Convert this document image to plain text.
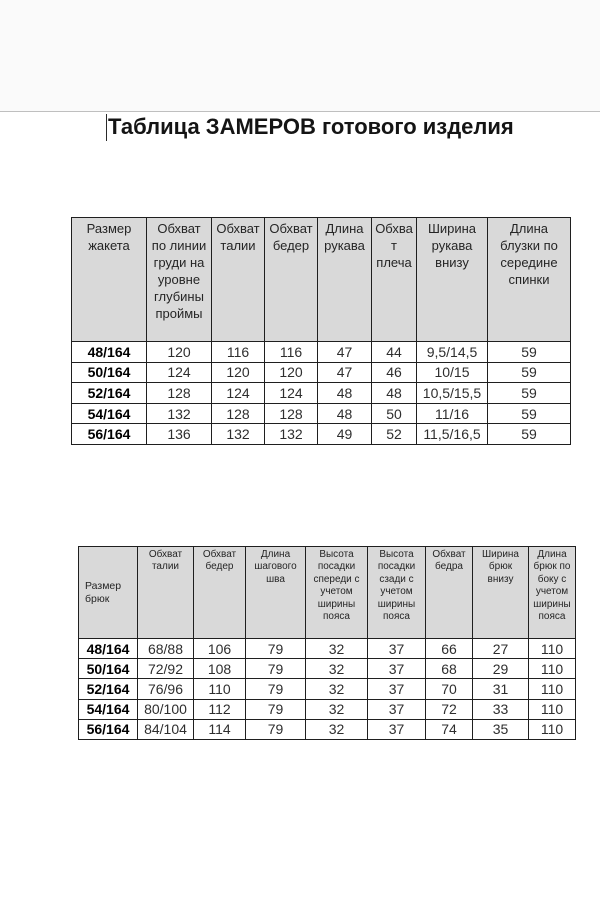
Таблица ЗАМЕРОВ готового изделия
Размер жакета	Обхват по линии груди на уровне глубины проймы	Обхват талии	Обхват бедер	Длина рукава	Обхват плеча	Ширина рукава внизу	Длина блузки по середине спинки
48/164	120	116	116	47	44	9,5/14,5	59
50/164	124	120	120	47	46	10/15	59
52/164	128	124	124	48	48	10,5/15,5	59
54/164	132	128	128	48	50	11/16	59
56/164	136	132	132	49	52	11,5/16,5	59
Размер брюк	Обхват талии	Обхват бедер	Длина шагового шва	Высота посадки спереди с учетом ширины пояса	Высота посадки сзади с учетом ширины пояса	Обхват бедра	Ширина брюк внизу	Длина брюк по боку с учетом ширины пояса
48/164	68/88	106	79	32	37	66	27	110
50/164	72/92	108	79	32	37	68	29	110
52/164	76/96	110	79	32	37	70	31	110
54/164	80/100	112	79	32	37	72	33	110
56/164	84/104	114	79	32	37	74	35	110
